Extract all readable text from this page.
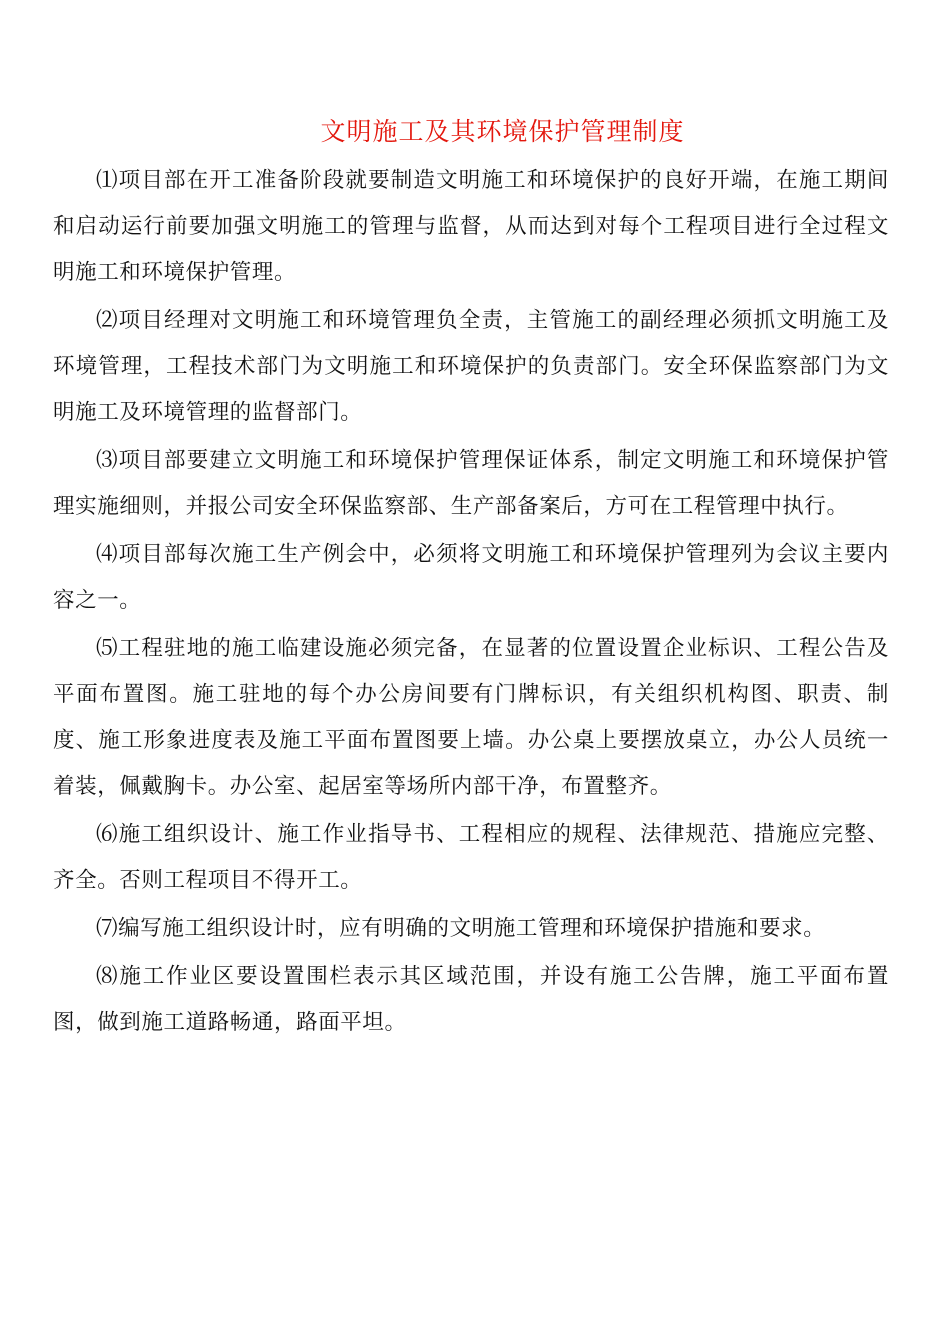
文明施工及其环境保护管理制度

⑴项目部在开工准备阶段就要制造文明施工和环境保护的良好开端，在施工期间和启动运行前要加强文明施工的管理与监督，从而达到对每个工程项目进行全过程文明施工和环境保护管理。

⑵项目经理对文明施工和环境管理负全责，主管施工的副经理必须抓文明施工及环境管理，工程技术部门为文明施工和环境保护的负责部门。安全环保监察部门为文明施工及环境管理的监督部门。

⑶项目部要建立文明施工和环境保护管理保证体系，制定文明施工和环境保护管理实施细则，并报公司安全环保监察部、生产部备案后，方可在工程管理中执行。

⑷项目部每次施工生产例会中，必须将文明施工和环境保护管理列为会议主要内容之一。

⑸工程驻地的施工临建设施必须完备，在显著的位置设置企业标识、工程公告及平面布置图。施工驻地的每个办公房间要有门牌标识，有关组织机构图、职责、制度、施工形象进度表及施工平面布置图要上墙。办公桌上要摆放桌立，办公人员统一着装，佩戴胸卡。办公室、起居室等场所内部干净，布置整齐。

⑹施工组织设计、施工作业指导书、工程相应的规程、法律规范、措施应完整、齐全。否则工程项目不得开工。

⑺编写施工组织设计时，应有明确的文明施工管理和环境保护措施和要求。

⑻施工作业区要设置围栏表示其区域范围，并设有施工公告牌，施工平面布置图，做到施工道路畅通，路面平坦。
